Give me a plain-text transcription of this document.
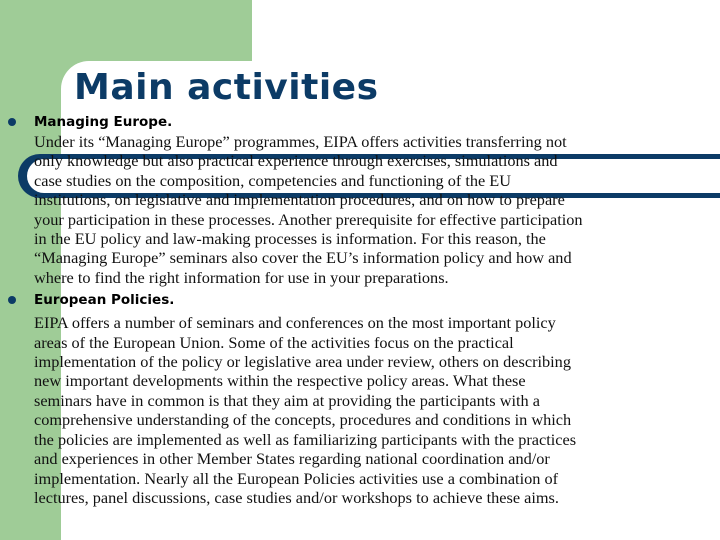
Main activities
Managing Europe.

Under its “Managing Europe” programmes, EIPA offers activities transferring not
only knowledge but also practical experience through exercises, simulations and
case studies on the composition, competencies and functioning of the EU
institutions, on legislative and implementation procedures, and on how to prepare
your participation in these processes. Another prerequisite for effective participation
in the EU policy and law-making processes is information. For this reason, the
“Managing Europe” seminars also cover the EU’s information policy and how and
where to find the right information for use in your preparations.

European Policies.

EIPA offers a number of seminars and conferences on the most important policy
areas of the European Union. Some of the activities focus on the practical
implementation of the policy or legislative area under review, others on describing
new important developments within the respective policy areas. What these
seminars have in common is that they aim at providing the participants with a
comprehensive understanding of the concepts, procedures and conditions in which
the policies are implemented as well as familiarizing participants with the practices
and experiences in other Member States regarding national coordination and/or
implementation. Nearly all the European Policies activities use a combination of
lectures, panel discussions, case studies and/or workshops to achieve these aims.
